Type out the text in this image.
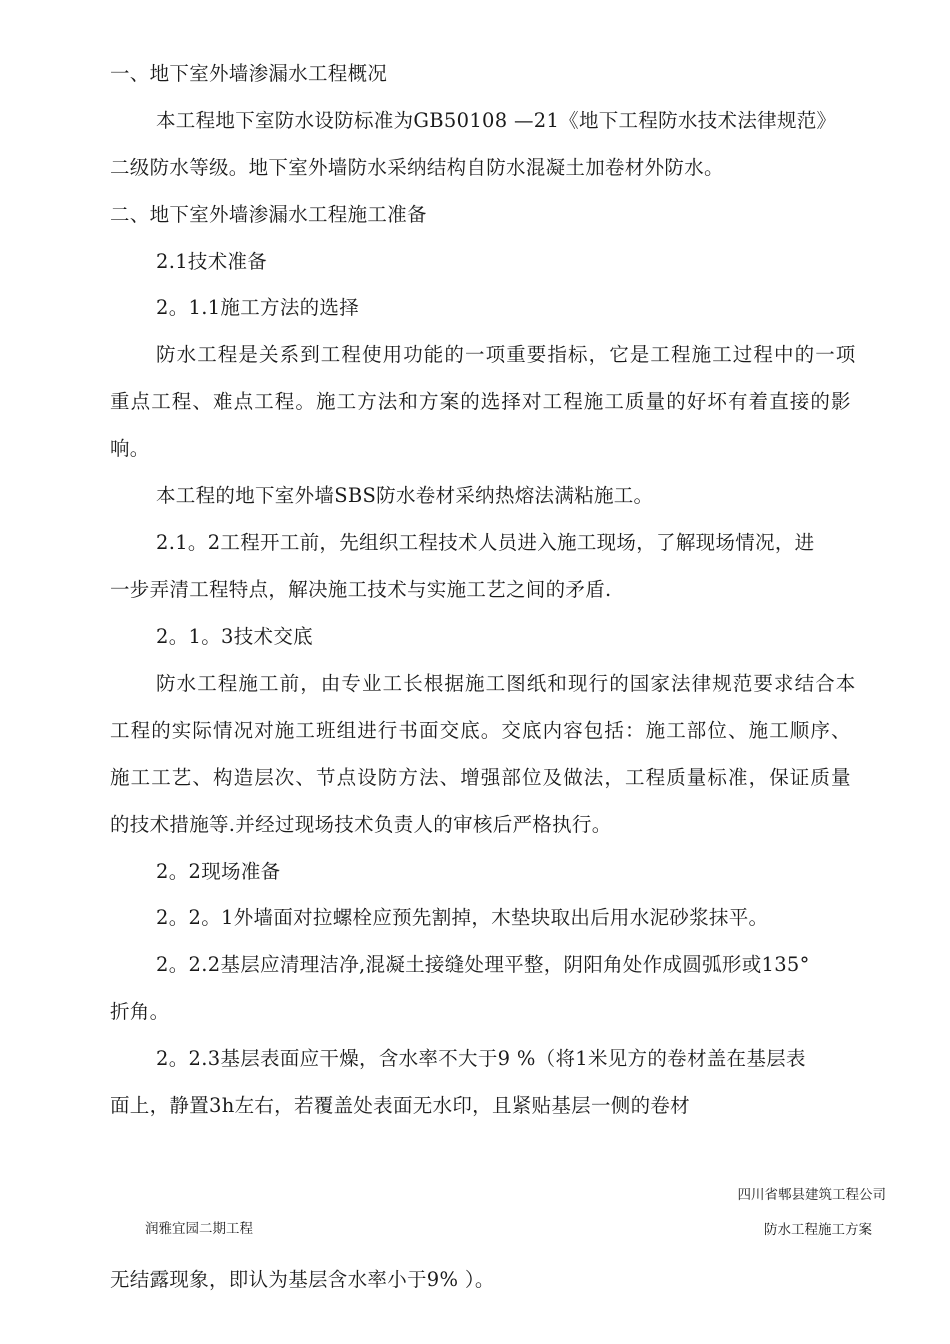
一、地下室外墙渗漏水工程概况
本工程地下室防水设防标准为GB50108 —21《地下工程防水技术法律规范》
二级防水等级。地下室外墙防水采纳结构自防水混凝土加卷材外防水。
二、地下室外墙渗漏水工程施工准备
2.1技术准备
2。1.1施工方法的选择
防水工程是关系到工程使用功能的一项重要指标，它是工程施工过程中的一项
重点工程、难点工程。施工方法和方案的选择对工程施工质量的好坏有着直接的影
响。
本工程的地下室外墙SBS防水卷材采纳热熔法满粘施工。
2.1。2工程开工前，先组织工程技术人员进入施工现场，了解现场情况，进
一步弄清工程特点，解决施工技术与实施工艺之间的矛盾.
2。1。3技术交底
防水工程施工前，由专业工长根据施工图纸和现行的国家法律规范要求结合本
工程的实际情况对施工班组进行书面交底。交底内容包括：施工部位、施工顺序、
施工工艺、构造层次、节点设防方法、增强部位及做法，工程质量标准，保证质量
的技术措施等.并经过现场技术负责人的审核后严格执行。
2。2现场准备
2。2。1外墙面对拉螺栓应预先割掉，木垫块取出后用水泥砂浆抹平。
2。2.2基层应清理洁净,混凝土接缝处理平整，阴阳角处作成圆弧形或135°
折角。
2。2.3基层表面应干燥，含水率不大于9 %（将1米见方的卷材盖在基层表
面上，静置3h左右，若覆盖处表面无水印，且紧贴基层一侧的卷材
四川省郫县建筑工程公司
润雅宜园二期工程	防水工程施工方案
无结露现象，即认为基层含水率小于9% ）。
